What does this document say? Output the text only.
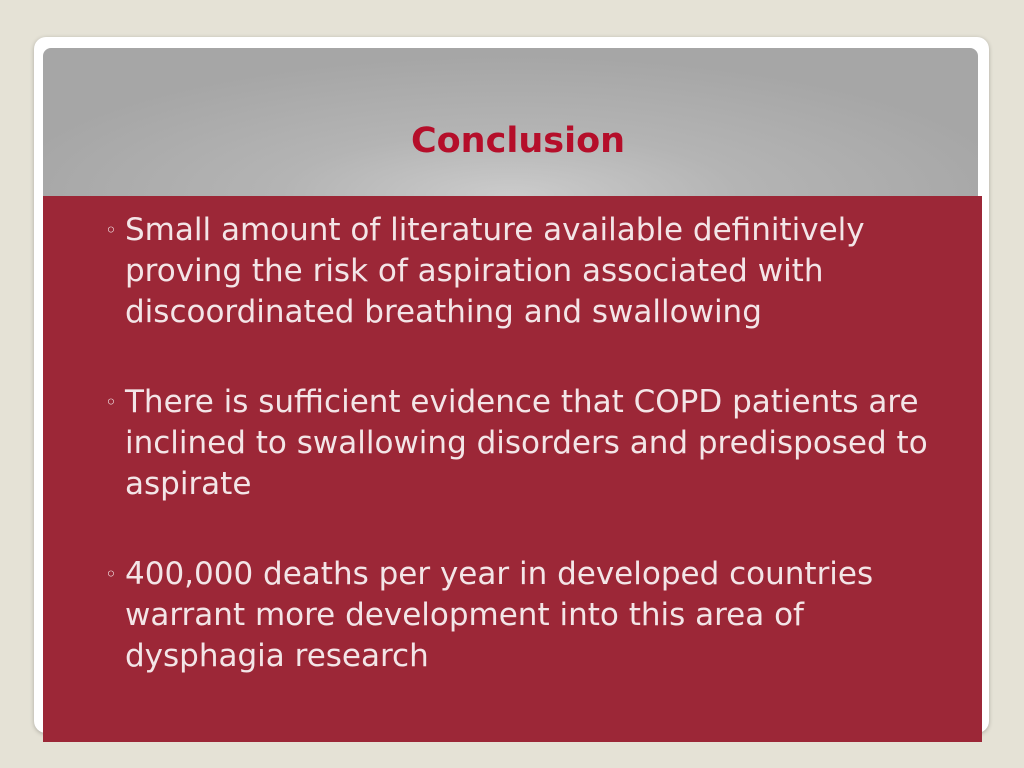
Conclusion
◦ Small amount of literature available definitively proving the risk of aspiration associated with discoordinated breathing and swallowing
◦ There is sufficient evidence that COPD patients are inclined to swallowing disorders and predisposed to aspirate
◦ 400,000 deaths per year in developed countries warrant more development into this area of dysphagia research
